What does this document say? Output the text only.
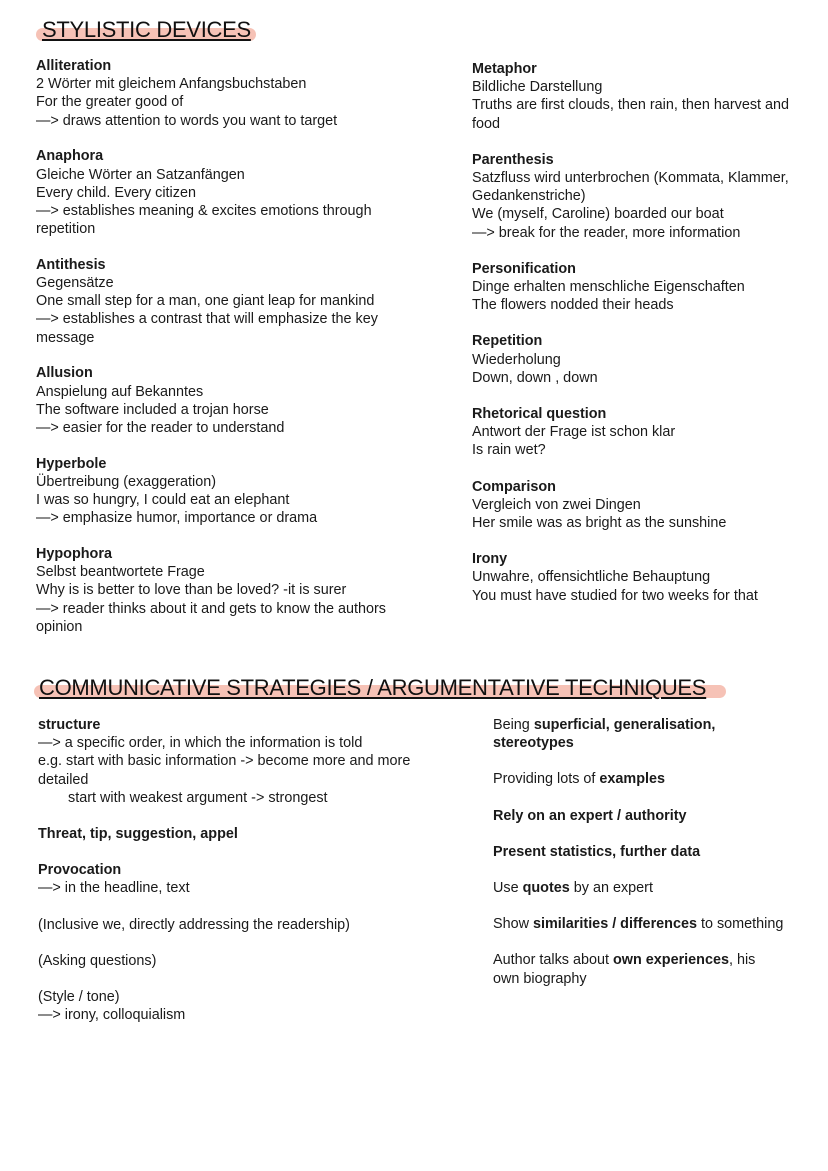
STYLISTIC DEVICES

Alliteration

2 Wörter mit gleichem Anfangsbuchstaben

For the greater good of

—> draws attention to words you want to target

Anaphora

Gleiche Wörter an Satzanfängen

Every child. Every citizen

—> establishes meaning & excites emotions through

repetition

Antithesis

Gegensätze

One small step for a man, one giant leap for mankind

—> establishes a contrast that will emphasize the key

message

Allusion

Anspielung auf Bekanntes

The software included a trojan horse

—> easier for the reader to understand

Hyperbole

Übertreibung (exaggeration)

I was so hungry, I could eat an elephant

—> emphasize humor, importance or drama

Hypophora

Selbst beantwortete Frage

Why is is better to love than be loved? -it is surer

—> reader thinks about it and gets to know the authors

opinion

Metaphor

Bildliche Darstellung

Truths are first clouds, then rain, then harvest and

food

Parenthesis

Satzfluss wird unterbrochen (Kommata, Klammer,

Gedankenstriche)

We (myself, Caroline) boarded our boat

—> break for the reader, more information

Personification

Dinge erhalten menschliche Eigenschaften

The flowers nodded their heads

Repetition

Wiederholung

Down, down , down

Rhetorical question

Antwort der Frage ist schon klar

Is rain wet?

Comparison

Vergleich von zwei Dingen

Her smile was as bright as the sunshine

Irony

Unwahre, offensichtliche Behauptung

You must have studied for two weeks for that

COMMUNICATIVE STRATEGIES / ARGUMENTATIVE TECHNIQUES

structure

—> a specific order, in which the information is told

e.g. start with basic information -> become more and more

detailed

start with weakest argument -> strongest

Threat, tip, suggestion, appel

Provocation

—> in the headline, text

(Inclusive we, directly addressing the readership)

(Asking questions)

(Style / tone)

—> irony, colloquialism

Being superficial, generalisation,

stereotypes

Providing lots of examples

Rely on an expert / authority

Present statistics, further data

Use quotes by an expert

Show similarities / differences to something

Author talks about own experiences, his

own biography
